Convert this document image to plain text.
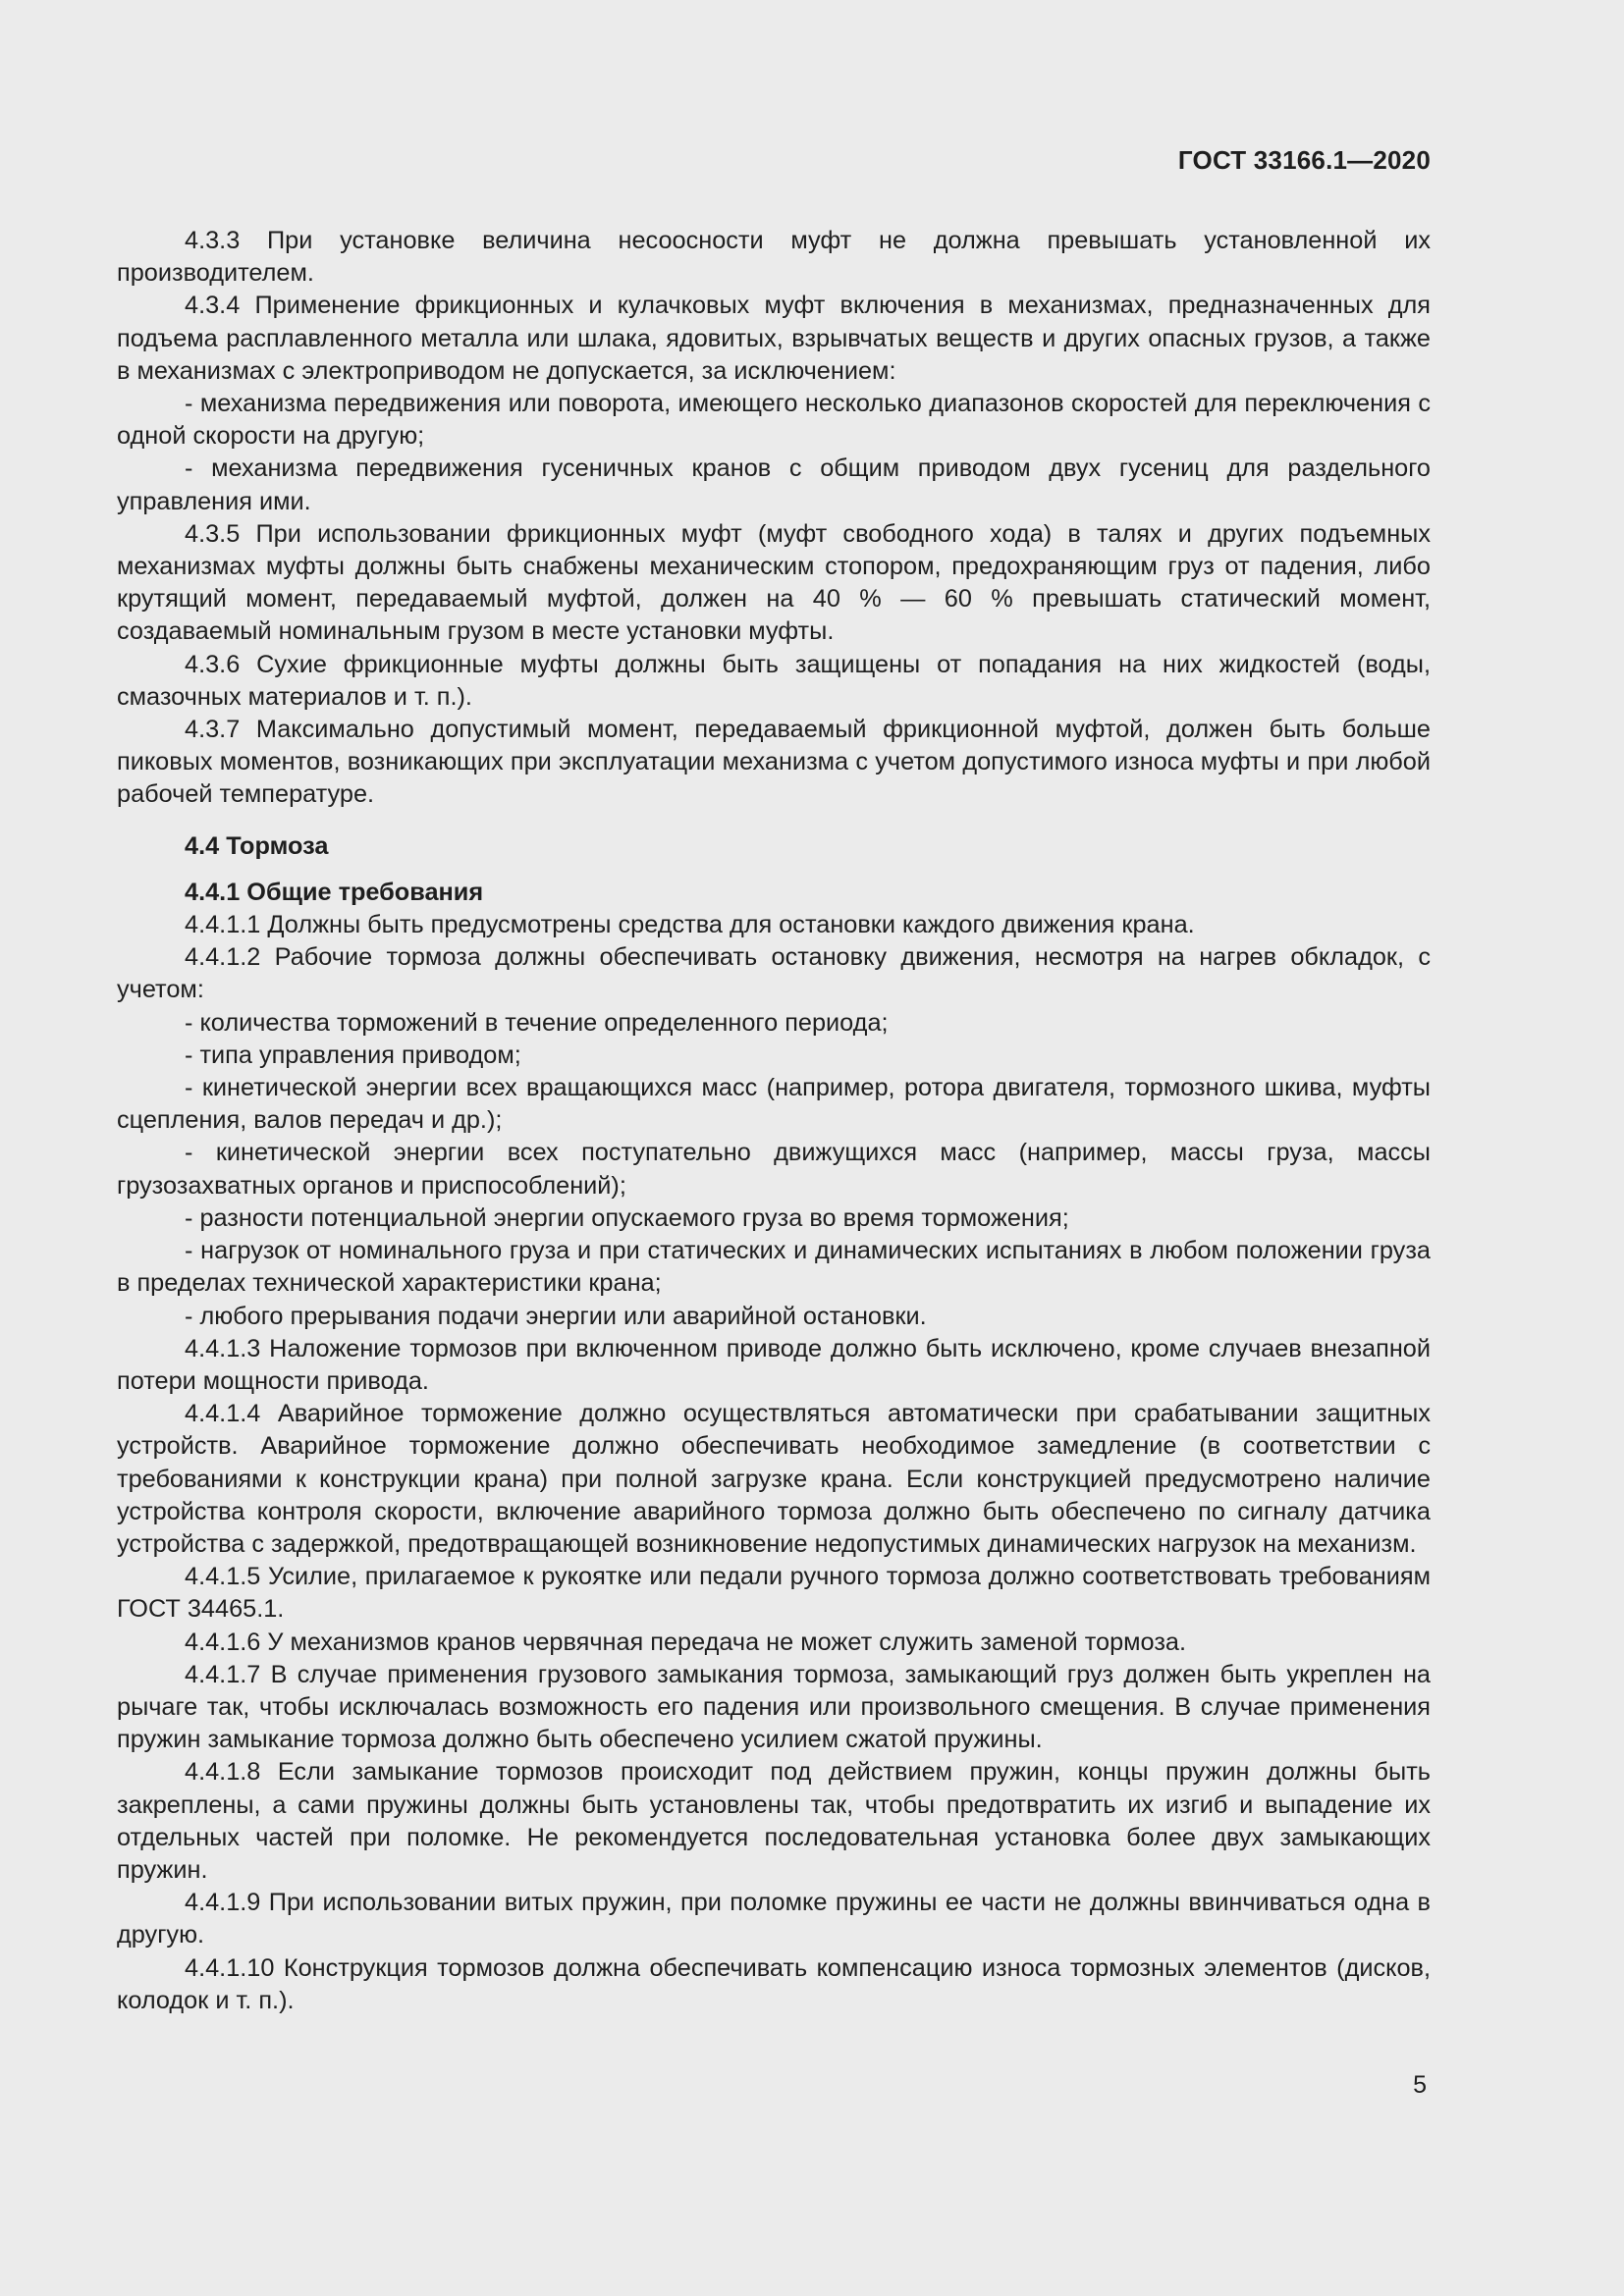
ГОСТ 33166.1—2020

4.3.3 При установке величина несоосности муфт не должна превышать установленной их производителем.

4.3.4 Применение фрикционных и кулачковых муфт включения в механизмах, предназначенных для подъема расплавленного металла или шлака, ядовитых, взрывчатых веществ и других опасных грузов, а также в механизмах с электроприводом не допускается, за исключением:

- механизма передвижения или поворота, имеющего несколько диапазонов скоростей для переключения с одной скорости на другую;

- механизма передвижения гусеничных кранов с общим приводом двух гусениц для раздельного управления ими.

4.3.5 При использовании фрикционных муфт (муфт свободного хода) в талях и других подъемных механизмах муфты должны быть снабжены механическим стопором, предохраняющим груз от падения, либо крутящий момент, передаваемый муфтой, должен на 40 % — 60 % превышать статический момент, создаваемый номинальным грузом в месте установки муфты.

4.3.6 Сухие фрикционные муфты должны быть защищены от попадания на них жидкостей (воды, смазочных материалов и т. п.).

4.3.7 Максимально допустимый момент, передаваемый фрикционной муфтой, должен быть больше пиковых моментов, возникающих при эксплуатации механизма с учетом допустимого износа муфты и при любой рабочей температуре.

4.4 Тормоза

4.4.1 Общие требования

4.4.1.1 Должны быть предусмотрены средства для остановки каждого движения крана.

4.4.1.2 Рабочие тормоза должны обеспечивать остановку движения, несмотря на нагрев обкладок, с учетом:

- количества торможений в течение определенного периода;

- типа управления приводом;

- кинетической энергии всех вращающихся масс (например, ротора двигателя, тормозного шкива, муфты сцепления, валов передач и др.);

- кинетической энергии всех поступательно движущихся масс (например, массы груза, массы грузозахватных органов и приспособлений);

- разности потенциальной энергии опускаемого груза во время торможения;

- нагрузок от номинального груза и при статических и динамических испытаниях в любом положении груза в пределах технической характеристики крана;

- любого прерывания подачи энергии или аварийной остановки.

4.4.1.3 Наложение тормозов при включенном приводе должно быть исключено, кроме случаев внезапной потери мощности привода.

4.4.1.4 Аварийное торможение должно осуществляться автоматически при срабатывании защитных устройств. Аварийное торможение должно обеспечивать необходимое замедление (в соответствии с требованиями к конструкции крана) при полной загрузке крана. Если конструкцией предусмотрено наличие устройства контроля скорости, включение аварийного тормоза должно быть обеспечено по сигналу датчика устройства с задержкой, предотвращающей возникновение недопустимых динамических нагрузок на механизм.

4.4.1.5 Усилие, прилагаемое к рукоятке или педали ручного тормоза должно соответствовать требованиям ГОСТ 34465.1.

4.4.1.6 У механизмов кранов червячная передача не может служить заменой тормоза.

4.4.1.7 В случае применения грузового замыкания тормоза, замыкающий груз должен быть укреплен на рычаге так, чтобы исключалась возможность его падения или произвольного смещения. В случае применения пружин замыкание тормоза должно быть обеспечено усилием сжатой пружины.

4.4.1.8 Если замыкание тормозов происходит под действием пружин, концы пружин должны быть закреплены, а сами пружины должны быть установлены так, чтобы предотвратить их изгиб и выпадение их отдельных частей при поломке. Не рекомендуется последовательная установка более двух замыкающих пружин.

4.4.1.9 При использовании витых пружин, при поломке пружины ее части не должны ввинчиваться одна в другую.

4.4.1.10 Конструкция тормозов должна обеспечивать компенсацию износа тормозных элементов (дисков, колодок и т. п.).

5
